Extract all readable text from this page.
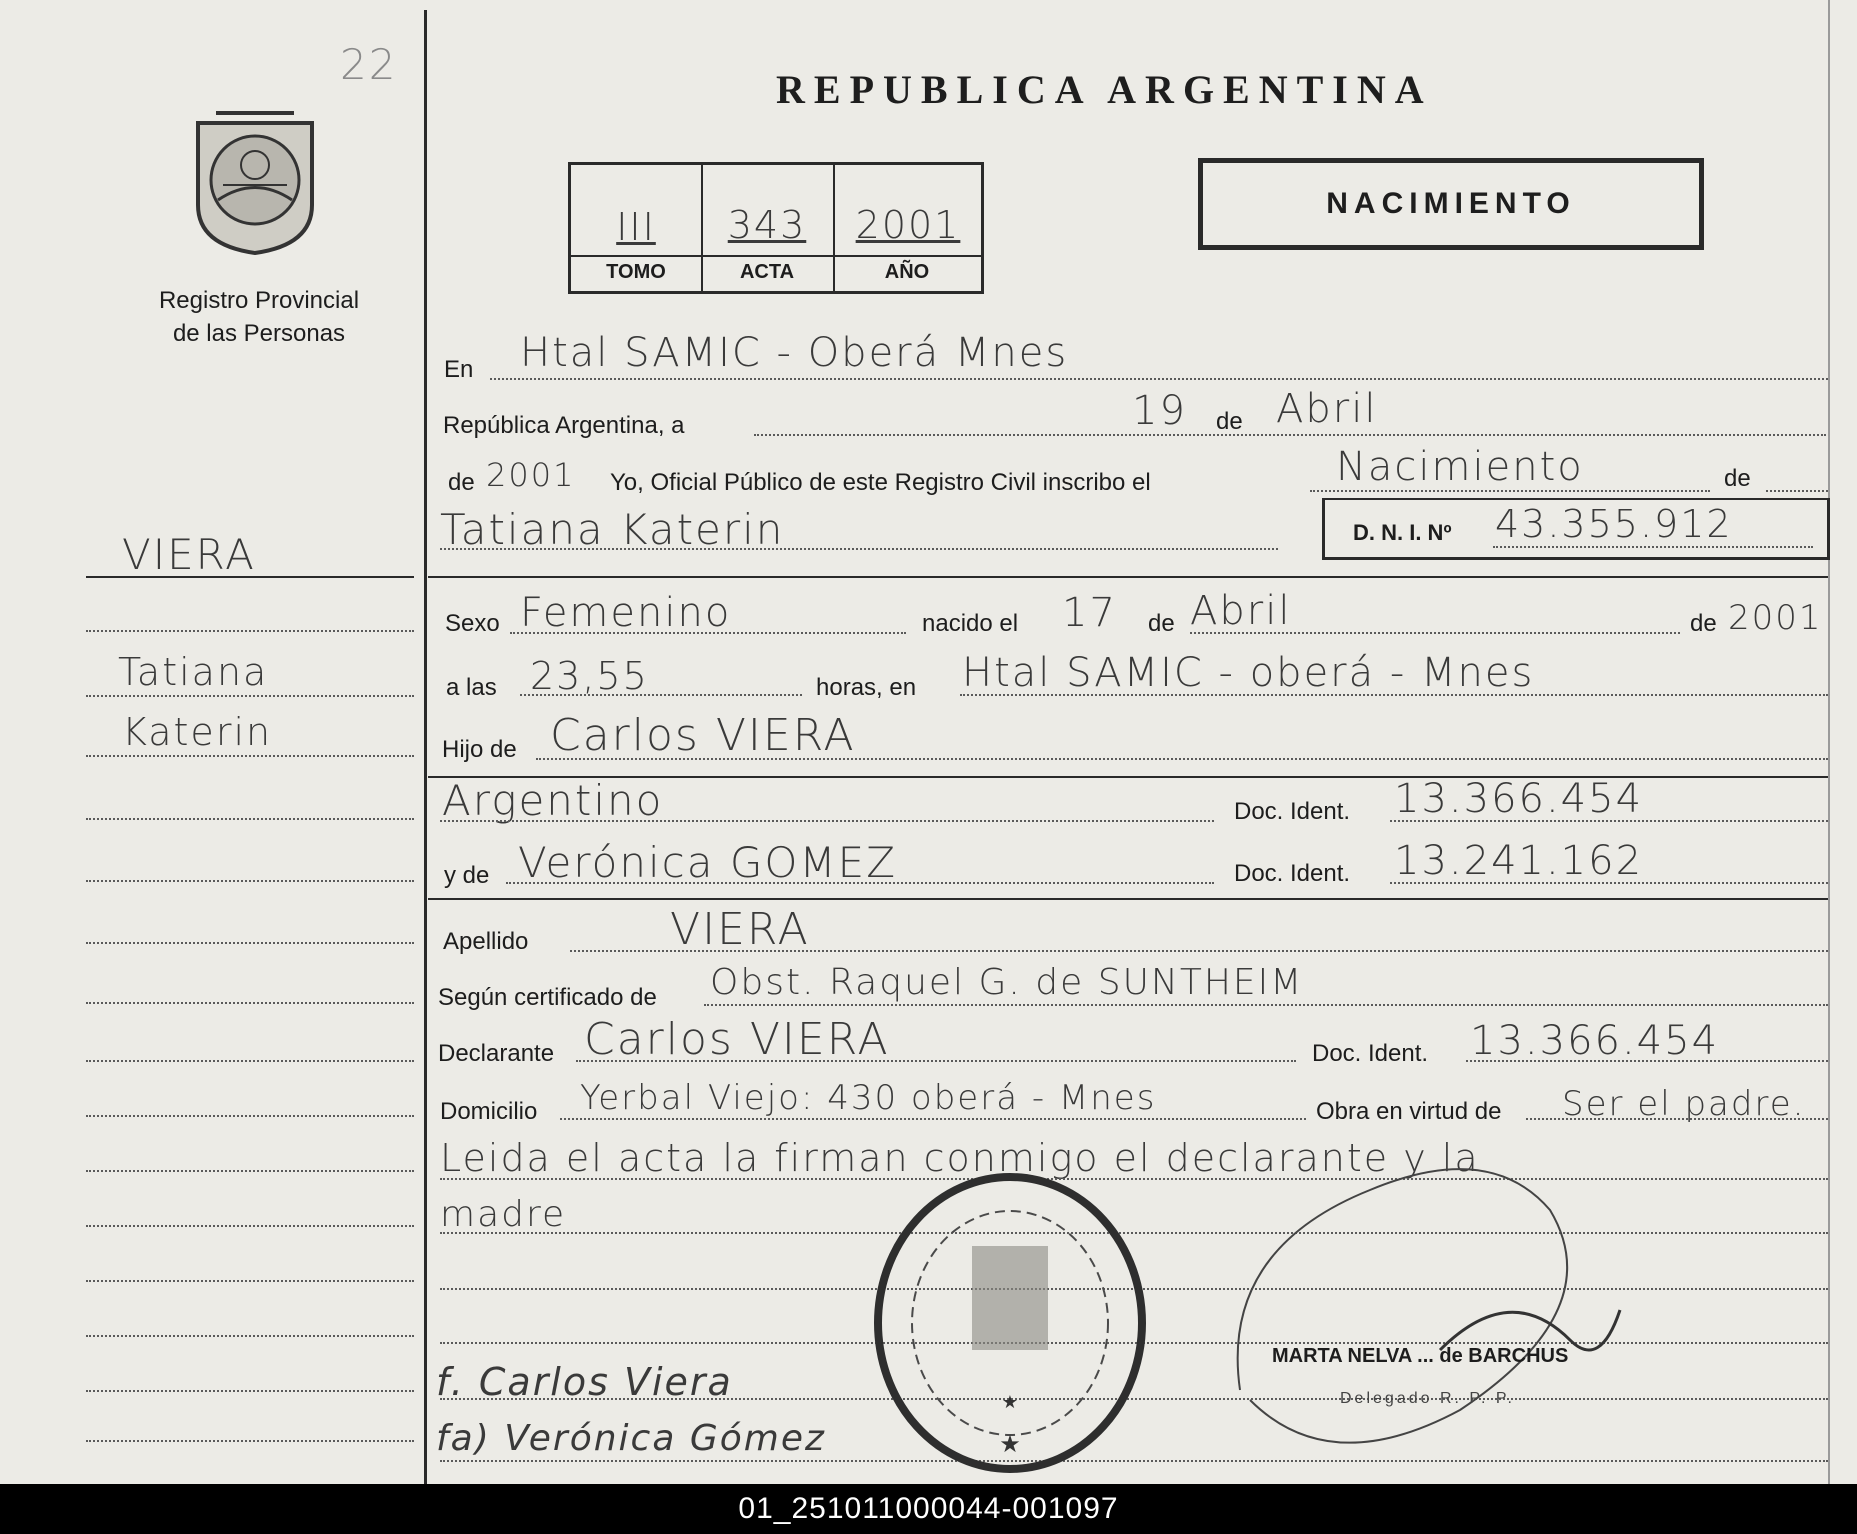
22
Registro Provincial
de las Personas
VIERA
Tatiana
Katerin
REPUBLICA ARGENTINA
NACIMIENTO
III	343	2001
TOMO	ACTA	AÑO
En Htal SAMIC - Oberá Mnes
República Argentina, a	19 de Abril
de 2001 Yo, Oficial Público de este Registro Civil inscribo el	Nacimiento	de
Tatiana Katerin	D. N. I. Nº 43.355.912
Sexo Femenino	nacido el 17 de Abril	de 2001
a las 23,55	horas, en Htal SAMIC - oberá - Mnes
Hijo de Carlos VIERA
Argentino	Doc. Ident. 13.366.454
y de Verónica GOMEZ	Doc. Ident. 13.241.162
Apellido	VIERA
Según certificado de Obst. Raquel G. de SUNTHEIM
Declarante Carlos VIERA	Doc. Ident. 13.366.454
Domicilio Yerbal Viejo: 430 oberá - Mnes	Obra en virtud de Ser el padre.
Leida el acta la firman conmigo el declarante y la
madre
★
★
f. Carlos Viera
fa) Verónica Gómez
MARTA NELVA ... de BARCHUS
Delegado R. P. P.
01_251011000044-001097
